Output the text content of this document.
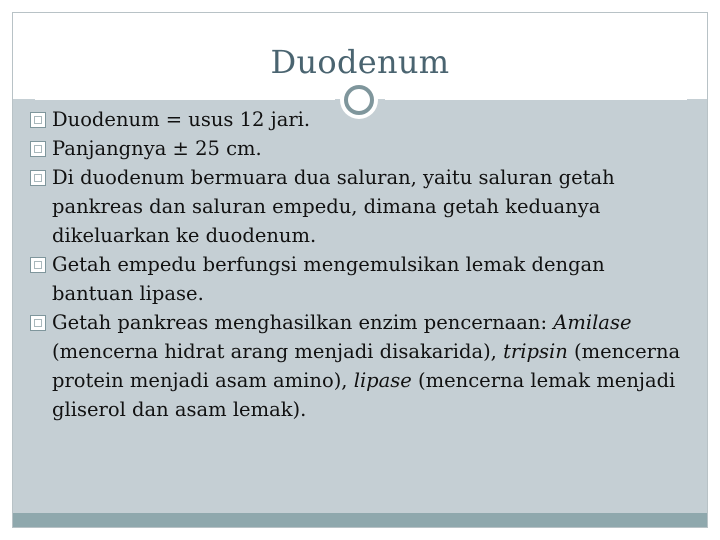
Duodenum
Duodenum = usus 12 jari.
Panjangnya ± 25 cm.
Di duodenum bermuara dua saluran, yaitu saluran getah pankreas dan saluran empedu, dimana getah keduanya dikeluarkan ke duodenum.
Getah empedu berfungsi mengemulsikan lemak dengan bantuan lipase.
Getah pankreas menghasilkan enzim pencernaan: Amilase (mencerna hidrat arang menjadi disakarida), tripsin (mencerna protein menjadi asam amino), lipase (mencerna lemak menjadi gliserol dan asam lemak).
